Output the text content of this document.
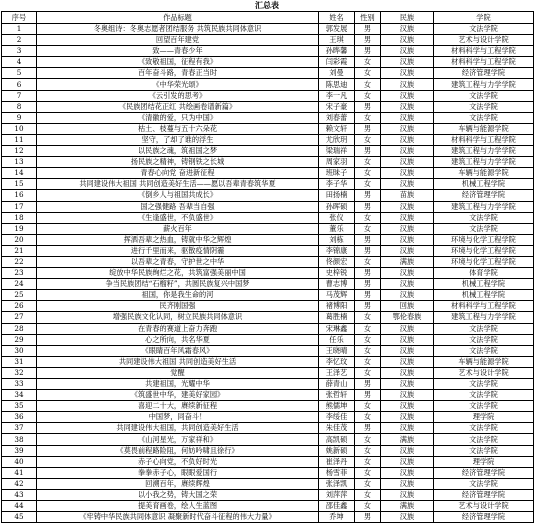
汇总表
序号	作品标题	姓名	性别	民族	学院
1	冬奥组诗：冬奥志愿者团结服务 共筑民族共同体意识	郭发展	男	汉族	文法学院
2	回望百年建党	王琪	男	汉族	艺术与设计学院
3	致——青春少年	孙晔馨	男	汉族	材料科学与工程学院
4	《致敬祖国，征程有我》	闫彩霞	女	汉族	材料科学与工程学院
5	百年奋斗路，青春正当时	刘曼	女	汉族	经济管理学院
6	《中华荣光颂》	陈思迪	女	汉族	建筑工程与力学学院
7	《云引发的思考》	李一凡	女	汉族	文法学院
8	《民族团结花正红 共绘画卷谱新篇》	宋子豪	男	汉族	文法学院
9	《清徽的爱，只为中国》	刘春蕾	女	汉族	文法学院
10	枯土、枝蔓与五十六朵花	赖文轩	男	汉族	车辆与能源学院
11	坚守，了却了谁的浮生	尤欣玥	女	汉族	材料科学与工程学院
12	以民族之魂，筑祖国之梦	梁瑞祥	男	汉族	建筑工程与力学学院
13	扬民族之精神，铸钢铁之长城	周家羽	女	汉族	建筑工程与力学学院
14	青春心向党 奋进新征程	班昧子	女	汉族	车辆与能源学院
15	共同建设伟大祖国 共同创造美好生活——愿以吾辈青春筑华夏	李子华	女	汉族	机械工程学院
16	《倒乡人与祖国共成长》	田扬楠	男	苗族	经济管理学院
17	国之强健路 吾辈当自强	孙晖硕	男	汉族	建筑工程与力学学院
18	《生逢盛世，不负盛世》	张仪	女	汉族	文法学院
19	薪火百年	董乐	女	汉族	文法学院
20	挥洒吾辈之热血，铸就中华之辉煌	刘栋	男	汉族	环境与化学工程学院
21	进行千里而来，驱散疫情阴霾	李锦康	男	汉族	环境与化学工程学院
22	以吾辈之青春，守护世之中华	佟颜宏	女	满族	环境与化学工程学院
23	绽放中华民族绚烂之花，共筑富强美丽中国	史梓锐	男	汉族	体育学院
24	争当民族团结“石榴籽”，共圆民族复兴中国梦	曹志博	男	汉族	机械工程学院
25	祖国，你是我生命的河	马茂辉	男	汉族	机械工程学院
26	民齐刚国强	褚博阳	男	回族	材料科学与工程学院
27	增强民族文化认同，树立民族共同体意识	葛胜楠	女	鄂伦春族	建筑工程与力学学院
28	在青春的赛道上奋力奔跑	宋琳鑫	女	汉族	文法学院
29	心之所向，共名华夏	任乐	女	汉族	文法学院
30	《眼睛百年风霜春风》	王晓晴	女	汉族	文法学院
31	共同建设伟大祖国 共同创造美好生活	李忆玟	女	汉族	车辆与能源学院
32	觉醒	王泽艺	女	汉族	艺术与设计学院
33	共建祖国，光耀中华	薛青山	男	汉族	文法学院
34	《筑盛世中华，建美好家园》	张哲轩	男	汉族	文法学院
35	喜迎二十大，赓续新征程	熊儒坤	女	汉族	文法学院
36	中国梦，同奋斗！	李绥佳	女	汉族	理学院
37	共同建设伟大祖国，共同创造美好生活	朱佳茂	男	汉族	文法学院
38	《山河星光，万家祥和》	高凯硕	女	满族	文法学院
39	《莫畏前程路险阻，何妨吟啸且徐行》	姚新硕	女	汉族	文法学院
40	赤子心向党，不负好时光	崔泽丹	女	汉族	理学院
41	拳拳赤子心，眼眼爱国行	杨雪菲	女	汉族	经济管理学院
42	回溯百年，赓续辉煌	张泽凯	女	汉族	文法学院
43	以小我之势，铸大国之荣	刘萍萍	女	汉族	经济管理学院
44	提美育画卷，绘人生蓝图	邵佳鑫	女	满族	艺术与设计学院
45	《牢铸中华民族共同体意识 凝聚新时代奋斗征程的伟大力量》	乔坤	男	汉族	经济管理学院
